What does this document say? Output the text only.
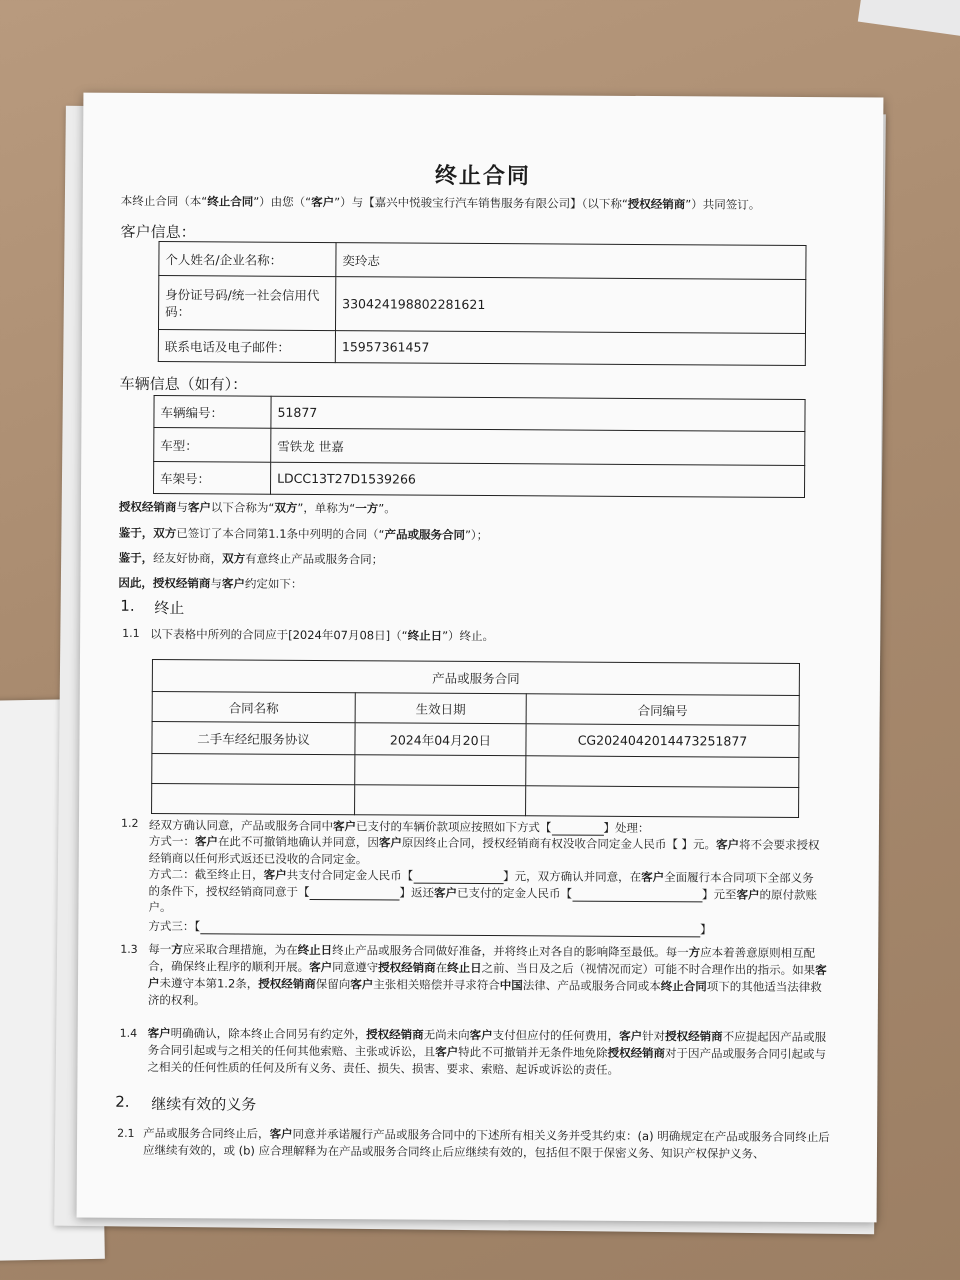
终止合同
本终止合同（本“终止合同”）由您（“客户”）与【嘉兴中悦骏宝行汽车销售服务有限公司】（以下称“授权经销商”）共同签订。
客户信息：
个人姓名/企业名称：	奕玲志
身份证号码/统一社会信用代码：	330424198802281621
联系电话及电子邮件：	15957361457
车辆信息（如有）：
车辆编号：	51877
车型：	雪铁龙 世嘉
车架号：	LDCC13T27D1539266
授权经销商与客户以下合称为“双方”，单称为“一方”。
鉴于，双方已签订了本合同第1.1条中列明的合同（“产品或服务合同”）；
鉴于，经友好协商，双方有意终止产品或服务合同；
因此，授权经销商与客户约定如下：
1. 终止
1.1 以下表格中所列的合同应于[2024年07月08日]（“终止日”）终止。
产品或服务合同		
合同名称	生效日期	合同编号
二手车经纪服务协议	2024年04月20日	CG2024042014473251877

1.2 经双方确认同意，产品或服务合同中客户已支付的车辆价款项应按照如下方式【	】处理：
方式一：客户在此不可撤销地确认并同意，因客户原因终止合同，授权经销商有权没收合同定金人民币【 】元。客户将不会要求授权经销商以任何形式返还已没收的合同定金。
方式二：截至终止日，客户共支付合同定金人民币【	】元，双方确认并同意，在客户全面履行本合同项下全部义务
的条件下，授权经销商同意于【	】返还客户已支付的定金人民币【	】元至客户的原付款账
户。
方式三：【	】
1.3 每一方应采取合理措施，为在终止日终止产品或服务合同做好准备，并将终止对各自的影响降至最低。每一方应本着善意原则相互配合，确保终止程序的顺利开展。客户同意遵守授权经销商在终止日之前、当日及之后（视情况而定）可能不时合理作出的指示。如果客户未遵守本第1.2条，授权经销商保留向客户主张相关赔偿并寻求符合中国法律、产品或服务合同或本终止合同项下的其他适当法律救济的权利。
1.4 客户明确确认，除本终止合同另有约定外，授权经销商无尚未向客户支付但应付的任何费用，客户针对授权经销商不应提起因产品或服务合同引起或与之相关的任何其他索赔、主张或诉讼，且客户特此不可撤销并无条件地免除授权经销商对于因产品或服务合同引起或与之相关的任何性质的任何及所有义务、责任、损失、损害、要求、索赔、起诉或诉讼的责任。
2. 继续有效的义务
2.1 产品或服务合同终止后，客户同意并承诺履行产品或服务合同中的下述所有相关义务并受其约束：(a) 明确规定在产品或服务合同终止后应继续有效的，或 (b) 应合理解释为在产品或服务合同终止后应继续有效的，包括但不限于保密义务、知识产权保护义务、
